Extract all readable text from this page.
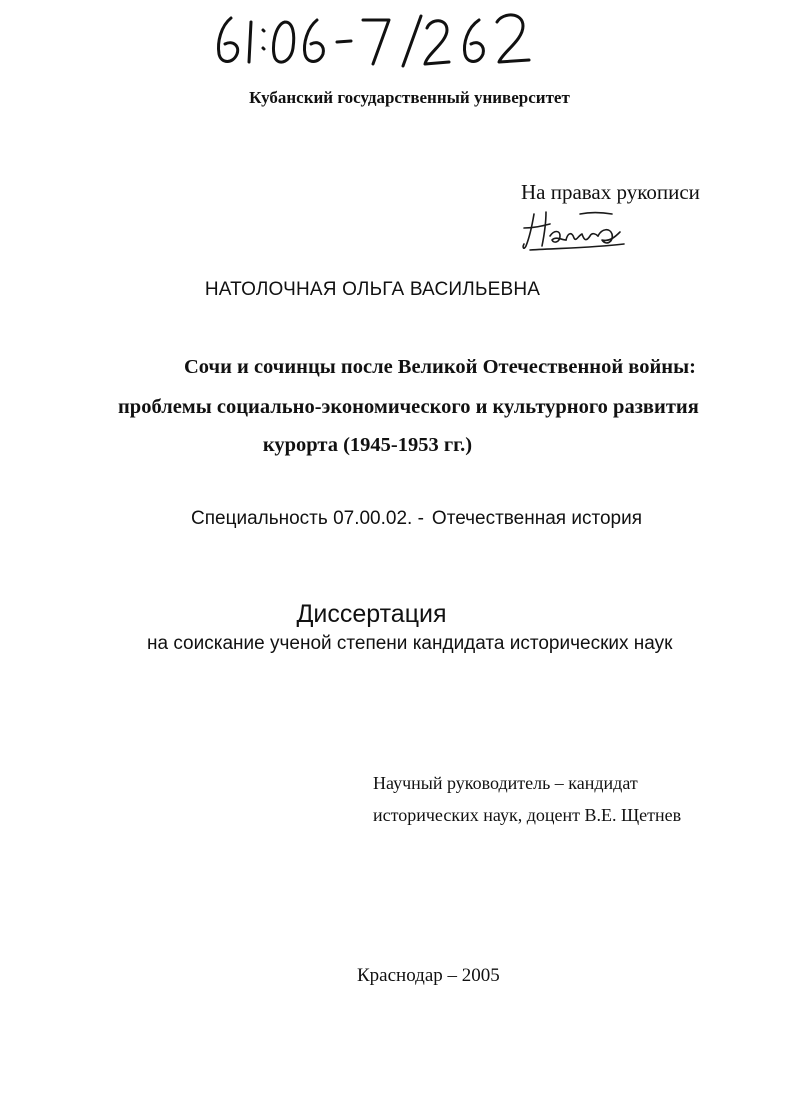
Кубанский государственный университет
На правах рукописи
НАТОЛОЧНАЯ ОЛЬГА ВАСИЛЬЕВНА
Сочи и сочинцы после Великой Отечественной войны:
проблемы социально-экономического и культурного развития
курорта (1945-1953 гг.)
Специальность 07.00.02. - Отечественная история
Диссертация
на соискание ученой степени кандидата исторических наук
Научный руководитель – кандидат
исторических наук, доцент В.Е. Щетнев
Краснодар – 2005
